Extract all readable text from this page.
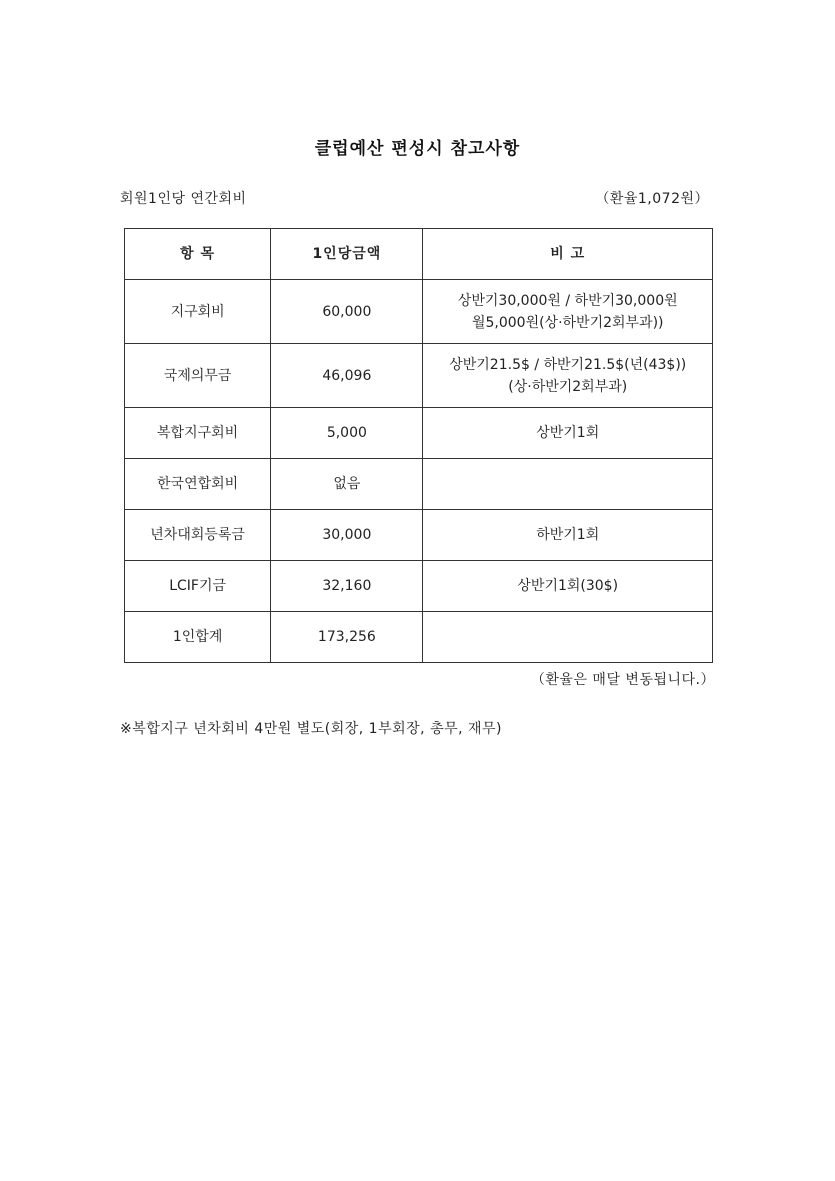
클럽예산 편성시 참고사항
회원1인당 연간회비	（환율1,072원）
항 목	1인당금액	비 고
지구회비	60,000	상반기30,000원 / 하반기30,000원
월5,000원(상·하반기2회부과))

국제의무금	46,096	상반기21.5$ / 하반기21.5$(년(43$))
(상·하반기2회부과)

복합지구회비	5,000	상반기1회
한국연합회비	없음	
년차대회등록금	30,000	하반기1회
LCIF기금	32,160	상반기1회(30$)
1인합계	173,256	
（환율은 매달 변동됩니다.）
※복합지구 년차회비 4만원 별도(회장, 1부회장, 총무, 재무)
